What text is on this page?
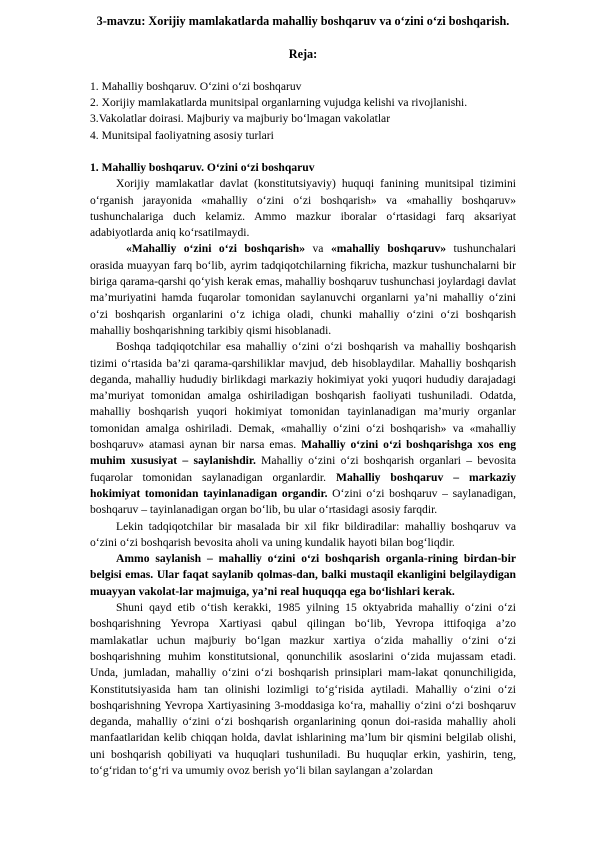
3-mavzu: Xorijiy mamlakatlarda mahalliy boshqaruv va o‘zini o‘zi boshqarish.
Reja:
1. Mahalliy boshqaruv. O‘zini o‘zi boshqaruv
2. Xorijiy mamlakatlarda munitsipal organlarning vujudga kelishi va rivojlanishi.
3.Vakolatlar doirasi. Majburiy va majburiy bo‘lmagan vakolatlar
4. Munitsipal faoliyatning asosiy turlari

1. Mahalliy boshqaruv. O‘zini o‘zi boshqaruv

Xorijiy mamlakatlar davlat (konstitutsiyaviy) huquqi fanining munitsipal tizimini o‘rganish jarayonida «mahalliy o‘zini o‘zi boshqarish» va «mahalliy boshqaruv» tushunchalariga duch kelamiz. Ammo mazkur iboralar o‘rtasidagi farq aksariyat adabiyotlarda aniq ko‘rsatilmaydi.

«Mahalliy o‘zini o‘zi boshqarish» va «mahalliy boshqaruv» tushunchalari orasida muayyan farq bo‘lib, ayrim tadqiqotchilarning fikricha, mazkur tushunchalarni bir biriga qarama-qarshi qo‘yish kerak emas, mahalliy boshqaruv tushunchasi joylardagi davlat ma’muriyatini hamda fuqarolar tomonidan saylanuvchi organlarni ya’ni mahalliy o‘zini o‘zi boshqarish organlarini o‘z ichiga oladi, chunki mahalliy o‘zini o‘zi boshqarish mahalliy boshqarishning tarkibiy qismi hisoblanadi.

Boshqa tadqiqotchilar esa mahalliy o‘zini o‘zi boshqarish va mahalliy boshqarish tizimi o‘rtasida ba’zi qarama-qarshiliklar mavjud, deb hisoblaydilar. Mahalliy boshqarish deganda, mahalliy hududiy birlikdagi markaziy hokimiyat yoki yuqori hududiy darajadagi ma’muriyat tomonidan amalga oshiriladigan boshqarish faoliyati tushuniladi. Odatda, mahalliy boshqarish yuqori hokimiyat tomonidan tayinlanadigan ma’muriy organlar tomonidan amalga oshiriladi. Demak, «mahalliy o‘zini o‘zi boshqarish» va «mahalliy boshqaruv» atamasi aynan bir narsa emas. Mahalliy o‘zini o‘zi boshqarishga xos eng muhim xususiyat – saylanishdir. Mahalliy o‘zini o‘zi boshqarish organlari – bevosita fuqarolar tomonidan saylanadigan organlardir. Mahalliy boshqaruv – markaziy hokimiyat tomonidan tayinlanadigan organdir. O‘zini o‘zi boshqaruv – saylanadigan, boshqaruv – tayinlanadigan organ bo‘lib, bu ular o‘rtasidagi asosiy farqdir.

Lekin tadqiqotchilar bir masalada bir xil fikr bildiradilar: mahalliy boshqaruv va o‘zini o‘zi boshqarish bevosita aholi va uning kundalik hayoti bilan bog‘liqdir.

Ammo saylanish – mahalliy o‘zini o‘zi boshqarish organla-rining birdan-bir belgisi emas. Ular faqat saylanib qolmas-dan, balki mustaqil ekanligini belgilaydigan muayyan vakolat-lar majmuiga, ya’ni real huquqqa ega bo‘lishlari kerak.

Shuni qayd etib o‘tish kerakki, 1985 yilning 15 oktyabrida mahalliy o‘zini o‘zi boshqarishning Yevropa Xartiyasi qabul qilingan bo‘lib, Yevropa ittifoqiga a’zo mamlakatlar uchun majburiy bo‘lgan mazkur xartiya o‘zida mahalliy o‘zini o‘zi boshqarishning muhim konstitutsional, qonunchilik asoslarini o‘zida mujassam etadi. Unda, jumladan, mahalliy o‘zini o‘zi boshqarish prinsiplari mam-lakat qonunchiligida, Konstitutsiyasida ham tan olinishi lozimligi to‘g‘risida aytiladi. Mahalliy o‘zini o‘zi boshqarishning Yevropa Xartiyasining 3-moddasiga ko‘ra, mahalliy o‘zini o‘zi boshqaruv deganda, mahalliy o‘zini o‘zi boshqarish organlarining qonun doi-rasida mahalliy aholi manfaatlaridan kelib chiqqan holda, davlat ishlarining ma’lum bir qismini belgilab olishi, uni boshqarish qobiliyati va huquqlari tushuniladi. Bu huquqlar erkin, yashirin, teng, to‘g‘ridan to‘g‘ri va umumiy ovoz berish yo‘li bilan saylangan a’zolardan
